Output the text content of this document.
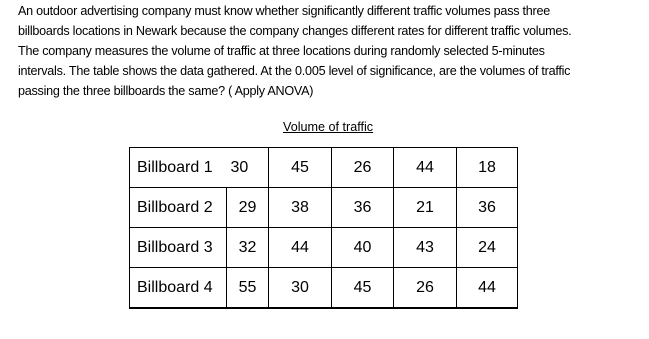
An outdoor advertising company must know whether significantly different traffic volumes pass three
billboards locations in Newark because the company changes different rates for different traffic volumes.
The company measures the volume of traffic at three locations during randomly selected 5-minutes
intervals. The table shows the data gathered. At the 0.005 level of significance, are the volumes of traffic
passing the three billboards the same? ( Apply ANOVA)
Volume of traffic
Billboard 1	30	45	26	44	18
Billboard 2	29	38	36	21	36
Billboard 3	32	44	40	43	24
Billboard 4	55	30	45	26	44
